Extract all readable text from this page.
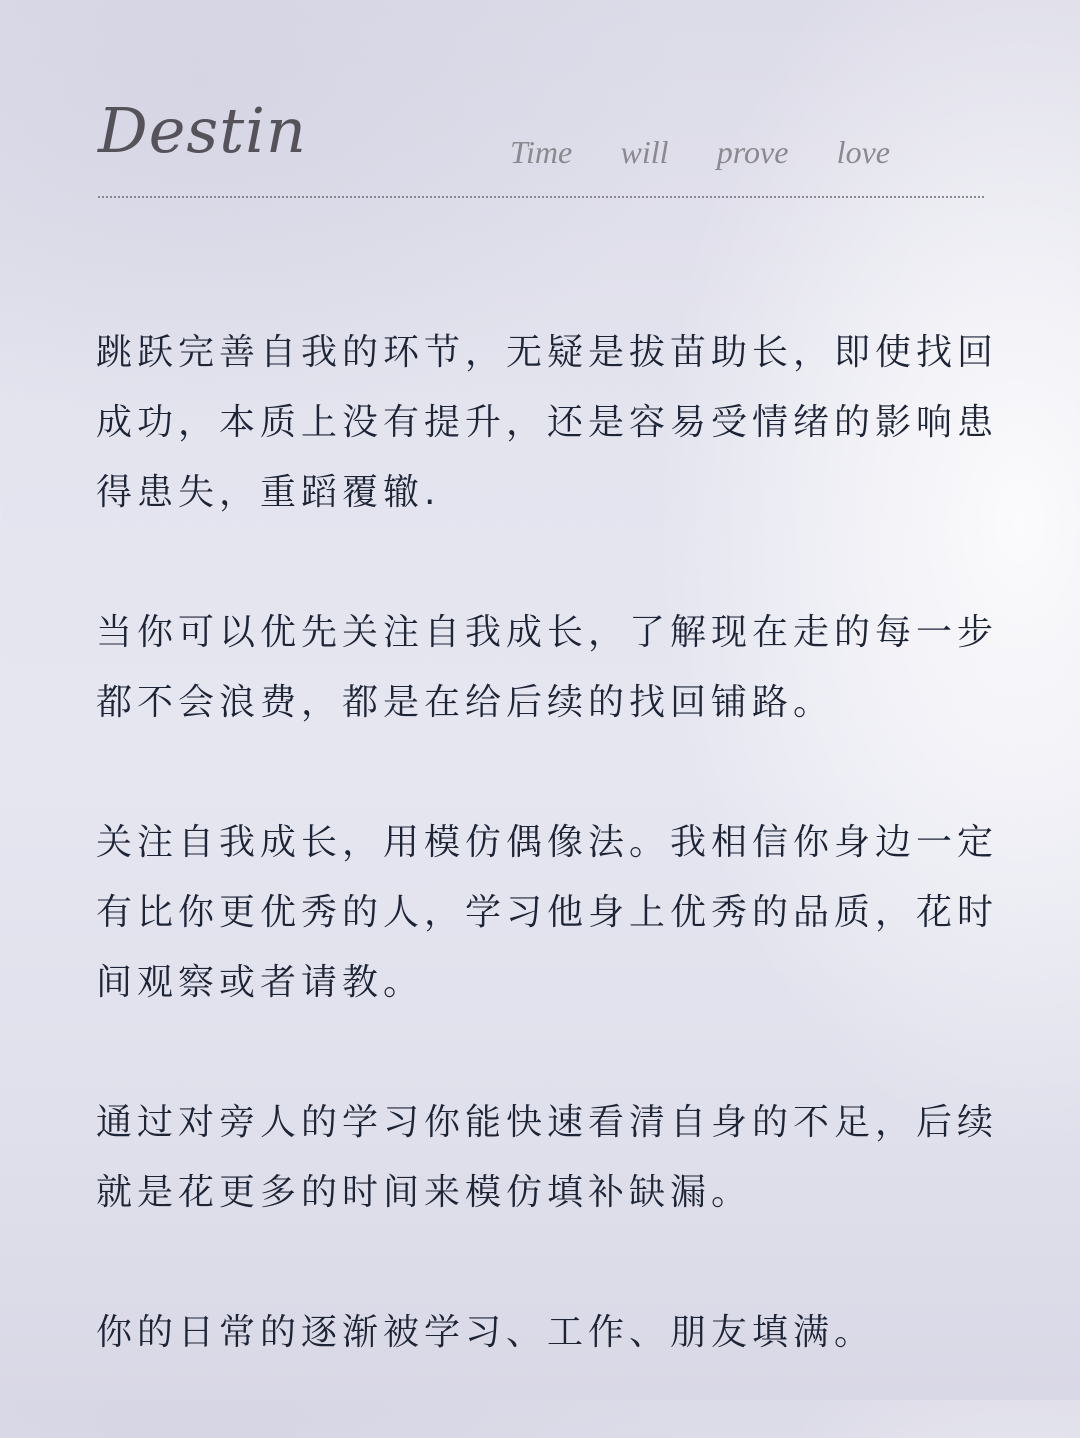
Destin	Time will prove love

跳跃完善自我的环节，无疑是拔苗助长，即使找回
成功，本质上没有提升，还是容易受情绪的影响患
得患失，重蹈覆辙.

当你可以优先关注自我成长，了解现在走的每一步
都不会浪费，都是在给后续的找回铺路。

关注自我成长，用模仿偶像法。我相信你身边一定
有比你更优秀的人，学习他身上优秀的品质，花时
间观察或者请教。

通过对旁人的学习你能快速看清自身的不足，后续
就是花更多的时间来模仿填补缺漏。

你的日常的逐渐被学习、工作、朋友填满。
